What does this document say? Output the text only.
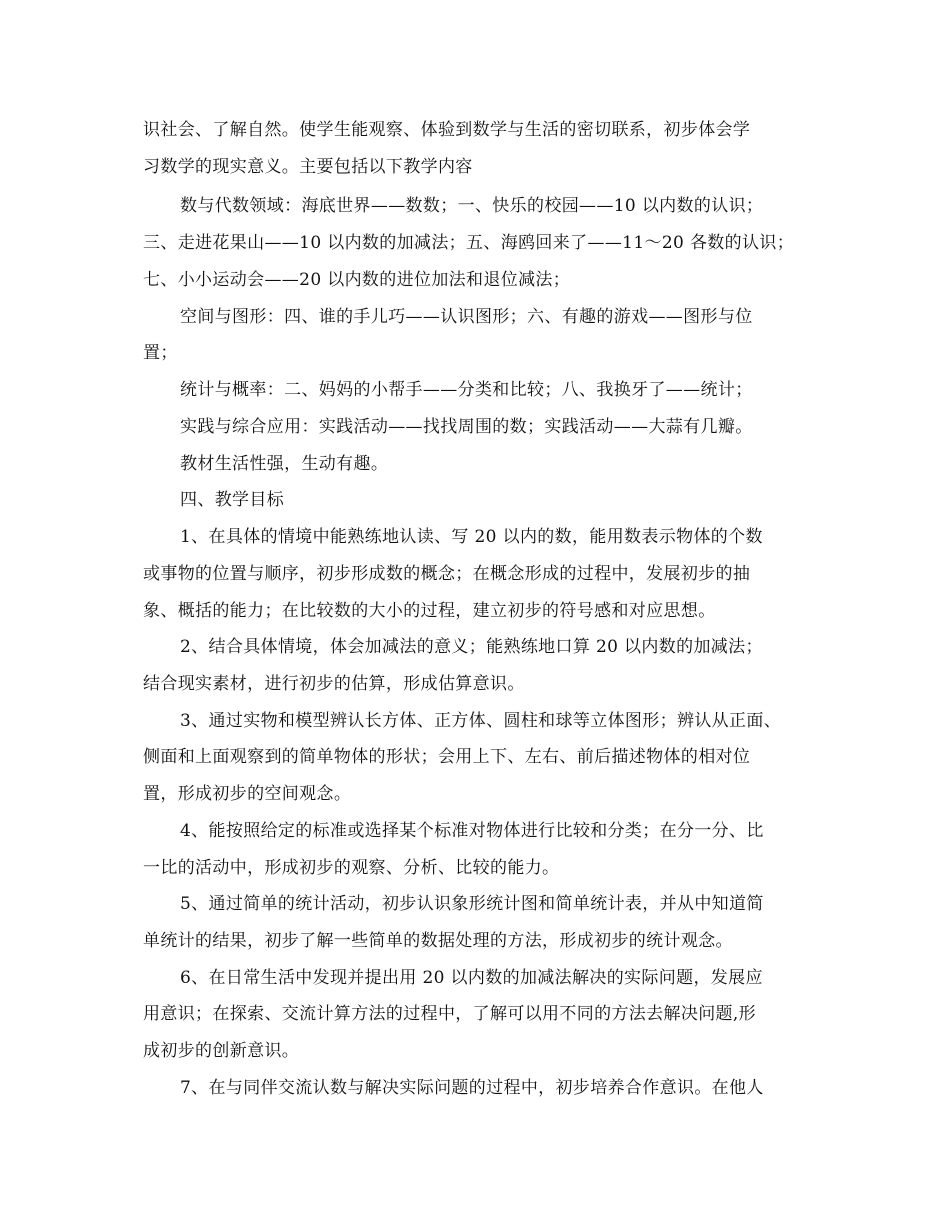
识社会、了解自然。使学生能观察、体验到数学与生活的密切联系，初步体会学
习数学的现实意义。主要包括以下教学内容
数与代数领域：海底世界——数数；一、快乐的校园——10 以内数的认识；
三、走进花果山——10 以内数的加减法；五、海鸥回来了——11～20 各数的认识；
七、小小运动会——20 以内数的进位加法和退位减法；
空间与图形：四、谁的手儿巧——认识图形；六、有趣的游戏——图形与位
置；
统计与概率：二、妈妈的小帮手——分类和比较；八、我换牙了——统计；
实践与综合应用：实践活动——找找周围的数；实践活动——大蒜有几瓣。
教材生活性强，生动有趣。
四、教学目标
1、在具体的情境中能熟练地认读、写 20 以内的数，能用数表示物体的个数
或事物的位置与顺序，初步形成数的概念；在概念形成的过程中，发展初步的抽
象、概括的能力；在比较数的大小的过程，建立初步的符号感和对应思想。
2、结合具体情境，体会加减法的意义；能熟练地口算 20 以内数的加减法；
结合现实素材，进行初步的估算，形成估算意识。
3、通过实物和模型辨认长方体、正方体、圆柱和球等立体图形；辨认从正面、
侧面和上面观察到的简单物体的形状；会用上下、左右、前后描述物体的相对位
置，形成初步的空间观念。
4、能按照给定的标准或选择某个标准对物体进行比较和分类；在分一分、比
一比的活动中，形成初步的观察、分析、比较的能力。
5、通过简单的统计活动，初步认识象形统计图和简单统计表，并从中知道简
单统计的结果，初步了解一些简单的数据处理的方法，形成初步的统计观念。
6、在日常生活中发现并提出用 20 以内数的加减法解决的实际问题，发展应
用意识；在探索、交流计算方法的过程中，了解可以用不同的方法去解决问题,形
成初步的创新意识。
7、在与同伴交流认数与解决实际问题的过程中，初步培养合作意识。在他人
